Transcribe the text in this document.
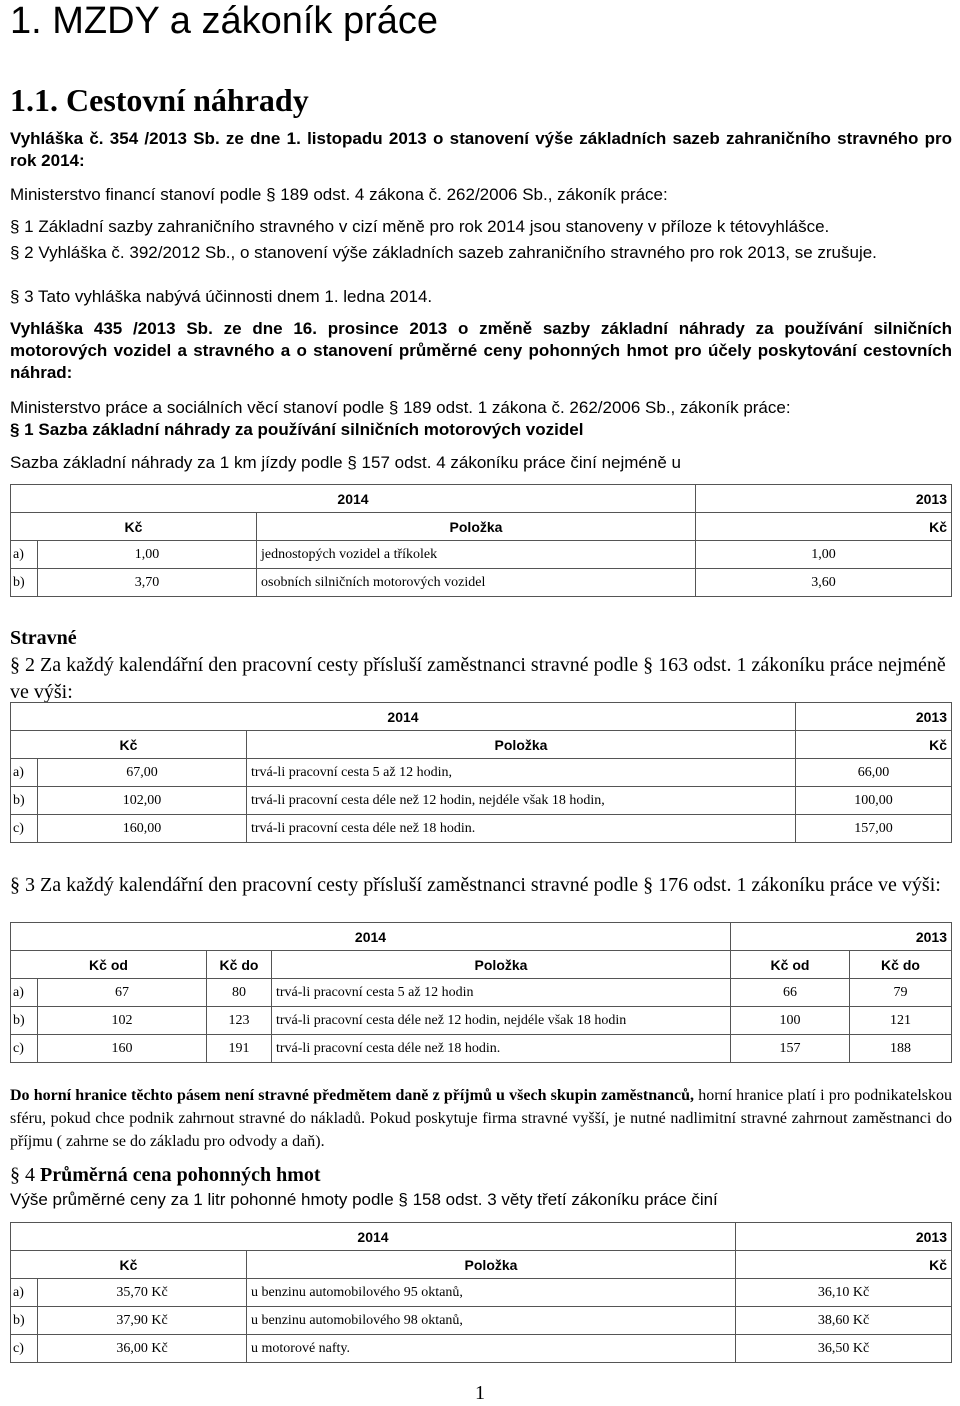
1. MZDY a zákoník práce
1.1. Cestovní náhrady
Vyhláška č. 354 /2013 Sb. ze dne 1. listopadu 2013 o stanovení výše základních sazeb zahraničního stravného pro rok 2014:
Ministerstvo financí stanoví podle § 189 odst. 4 zákona č. 262/2006 Sb., zákoník práce:
§ 1 Základní sazby zahraničního stravného v cizí měně pro rok 2014 jsou stanoveny v příloze k tétovyhlášce.
§ 2 Vyhláška č. 392/2012 Sb., o stanovení výše základních sazeb zahraničního stravného pro rok 2013, se zrušuje.
§ 3 Tato vyhláška nabývá účinnosti dnem 1. ledna 2014.
Vyhláška 435 /2013 Sb. ze dne 16. prosince 2013 o změně sazby základní náhrady za používání silničních motorových vozidel a stravného a o stanovení průměrné ceny pohonných hmot pro účely poskytování cestovních náhrad:
Ministerstvo práce a sociálních věcí stanoví podle § 189 odst. 1 zákona č. 262/2006 Sb., zákoník práce:
§ 1 Sazba základní náhrady za používání silničních motorových vozidel
Sazba základní náhrady za 1 km jízdy podle § 157 odst. 4 zákoníku práce činí nejméně u
2014			2013
Kč		Položka	Kč
a)	1,00	jednostopých vozidel a tříkolek	1,00
b)	3,70	osobních silničních motorových vozidel	3,60
Stravné
§ 2 Za každý kalendářní den pracovní cesty přísluší zaměstnanci stravné podle § 163 odst. 1 zákoníku práce nejméně ve výši:
2014			2013
Kč		Položka	Kč
a)	67,00	trvá-li pracovní cesta 5 až 12 hodin,	66,00
b)	102,00	trvá-li pracovní cesta déle než 12 hodin, nejdéle však 18 hodin,	100,00
c)	160,00	trvá-li pracovní cesta déle než 18 hodin.	157,00
§ 3 Za každý kalendářní den pracovní cesty přísluší zaměstnanci stravné podle § 176 odst. 1 zákoníku práce ve výši:
2014				2013	
Kč od		Kč do	Položka	Kč od	Kč do
a)	67	80	trvá-li pracovní cesta 5 až 12 hodin	66	79
b)	102	123	trvá-li pracovní cesta déle než 12 hodin, nejdéle však 18 hodin	100	121
c)	160	191	trvá-li pracovní cesta déle než 18 hodin.	157	188
Do horní hranice těchto pásem není stravné předmětem daně z příjmů u všech skupin zaměstnanců, horní hranice platí i pro podnikatelskou sféru, pokud chce podnik zahrnout stravné do nákladů. Pokud poskytuje firma stravné vyšší, je nutné nadlimitní stravné zahrnout zaměstnanci do příjmu ( zahrne se do základu pro odvody a daň).
§ 4 Průměrná cena pohonných hmot
Výše průměrné ceny za 1 litr pohonné hmoty podle § 158 odst. 3 věty třetí zákoníku práce činí
2014			2013
Kč		Položka	Kč
a)	35,70 Kč	u benzinu automobilového 95 oktanů,	36,10 Kč
b)	37,90 Kč	u benzinu automobilového 98 oktanů,	38,60 Kč
c)	36,00 Kč	u motorové nafty.	36,50 Kč
1
